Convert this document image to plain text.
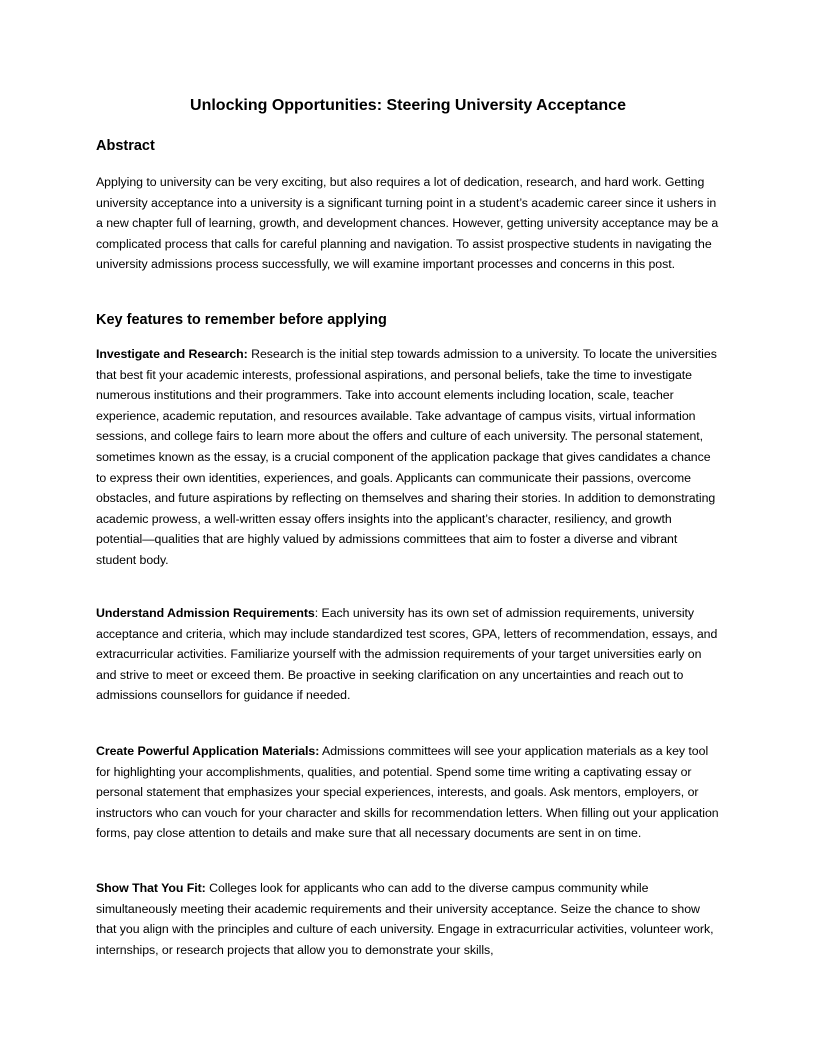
Unlocking Opportunities: Steering University Acceptance
Abstract

Applying to university can be very exciting, but also requires a lot of dedication, research, and hard work. Getting university acceptance into a university is a significant turning point in a student’s academic career since it ushers in a new chapter full of learning, growth, and development chances. However, getting university acceptance may be a complicated process that calls for careful planning and navigation. To assist prospective students in navigating the university admissions process successfully, we will examine important processes and concerns in this post.

Key features to remember before applying

Investigate and Research: Research is the initial step towards admission to a university. To locate the universities that best fit your academic interests, professional aspirations, and personal beliefs, take the time to investigate numerous institutions and their programmers. Take into account elements including location, scale, teacher experience, academic reputation, and resources available. Take advantage of campus visits, virtual information sessions, and college fairs to learn more about the offers and culture of each university. The personal statement, sometimes known as the essay, is a crucial component of the application package that gives candidates a chance to express their own identities, experiences, and goals. Applicants can communicate their passions, overcome obstacles, and future aspirations by reflecting on themselves and sharing their stories. In addition to demonstrating academic prowess, a well-written essay offers insights into the applicant’s character, resiliency, and growth potential—qualities that are highly valued by admissions committees that aim to foster a diverse and vibrant student body.

Understand Admission Requirements: Each university has its own set of admission requirements, university acceptance and criteria, which may include standardized test scores, GPA, letters of recommendation, essays, and extracurricular activities. Familiarize yourself with the admission requirements of your target universities early on and strive to meet or exceed them. Be proactive in seeking clarification on any uncertainties and reach out to admissions counsellors for guidance if needed.

Create Powerful Application Materials: Admissions committees will see your application materials as a key tool for highlighting your accomplishments, qualities, and potential. Spend some time writing a captivating essay or personal statement that emphasizes your special experiences, interests, and goals. Ask mentors, employers, or instructors who can vouch for your character and skills for recommendation letters. When filling out your application forms, pay close attention to details and make sure that all necessary documents are sent in on time.

Show That You Fit: Colleges look for applicants who can add to the diverse campus community while simultaneously meeting their academic requirements and their university acceptance. Seize the chance to show that you align with the principles and culture of each university. Engage in extracurricular activities, volunteer work, internships, or research projects that allow you to demonstrate your skills,
